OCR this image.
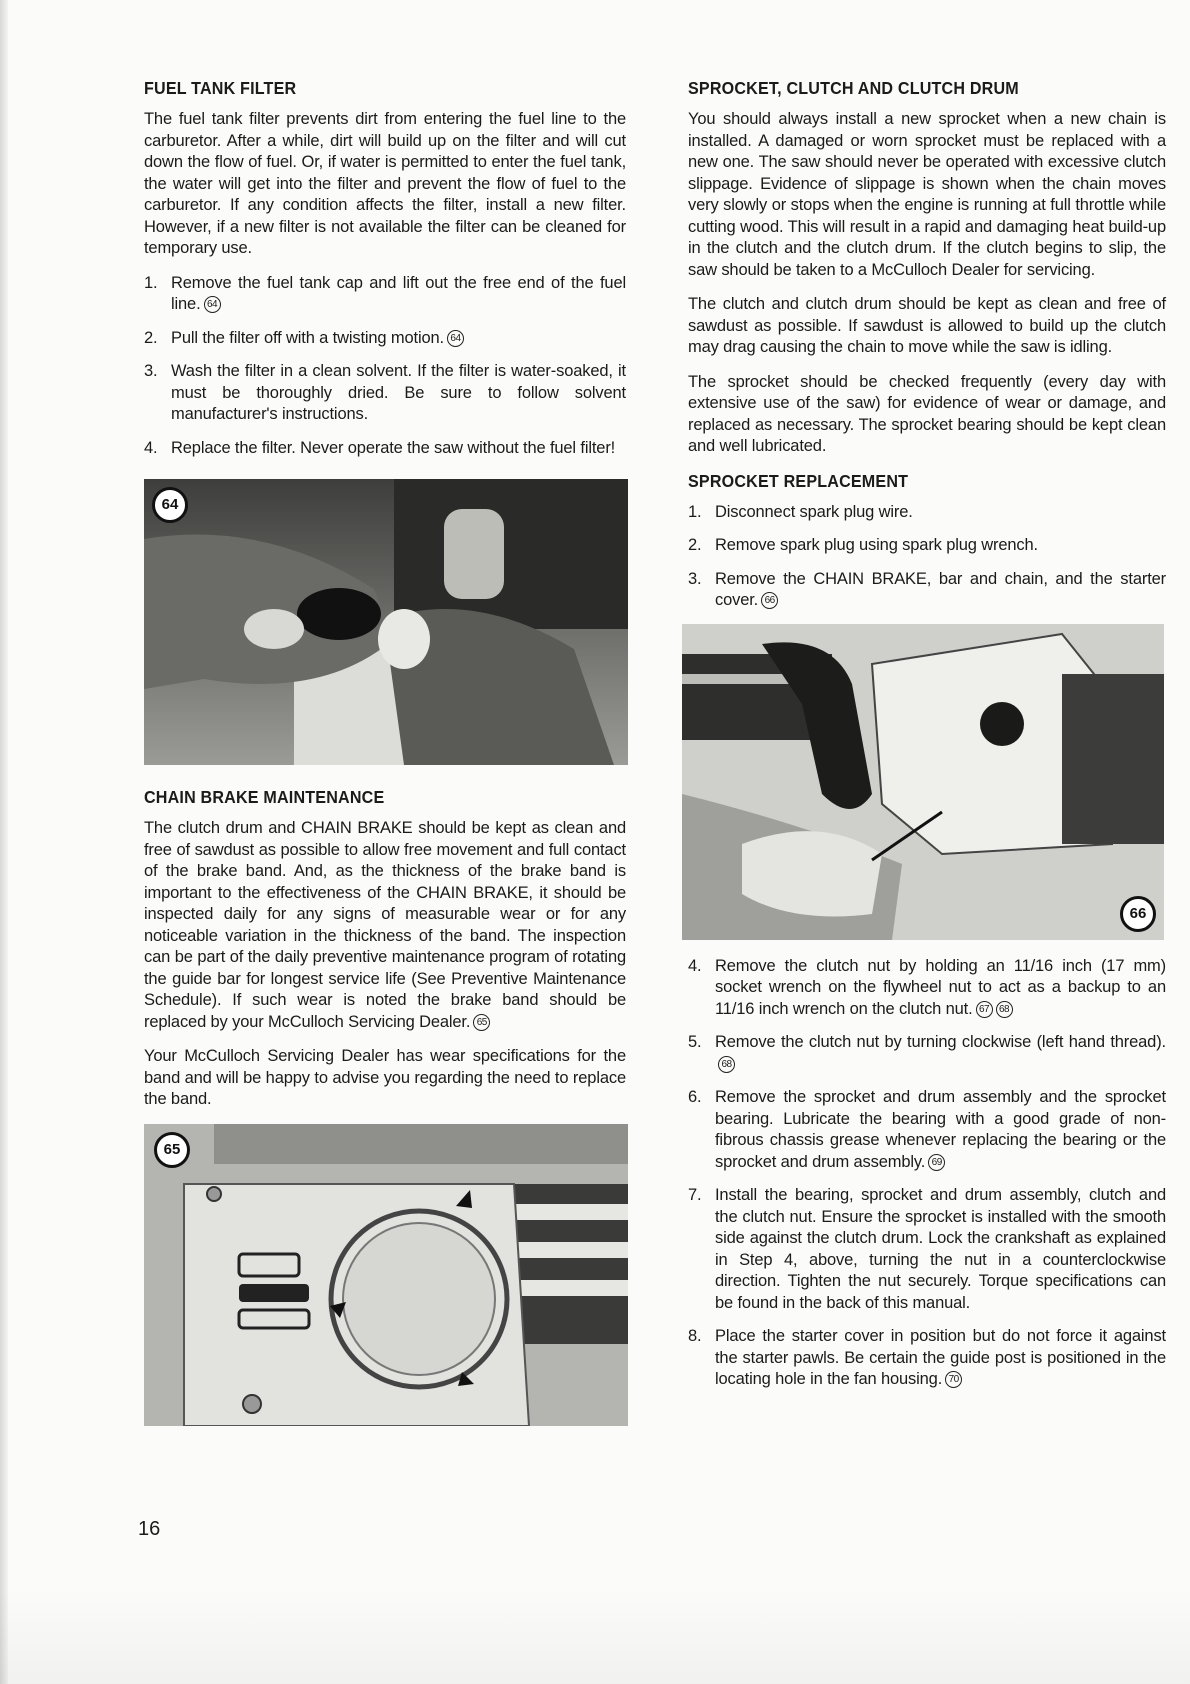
FUEL TANK FILTER

The fuel tank filter prevents dirt from entering the fuel line to the carburetor. After a while, dirt will build up on the filter and will cut down the flow of fuel. Or, if water is permitted to enter the fuel tank, the water will get into the filter and prevent the flow of fuel to the carburetor. If any condition affects the filter, install a new filter. However, if a new filter is not available the filter can be cleaned for temporary use.

1. Remove the fuel tank cap and lift out the free end of the fuel line. 64
2. Pull the filter off with a twisting motion. 64
3. Wash the filter in a clean solvent. If the filter is water-soaked, it must be thoroughly dried. Be sure to follow solvent manufacturer's instructions.
4. Replace the filter. Never operate the saw without the fuel filter!
64
CHAIN BRAKE MAINTENANCE

The clutch drum and CHAIN BRAKE should be kept as clean and free of sawdust as possible to allow free movement and full contact of the brake band. And, as the thickness of the brake band is important to the effectiveness of the CHAIN BRAKE, it should be inspected daily for any signs of measurable wear or for any noticeable variation in the thickness of the band. The inspection can be part of the daily preventive maintenance program of rotating the guide bar for longest service life (See Preventive Maintenance Schedule). If such wear is noted the brake band should be replaced by your McCulloch Servicing Dealer. 65

Your McCulloch Servicing Dealer has wear specifications for the band and will be happy to advise you regarding the need to replace the band.

65
SPROCKET, CLUTCH AND CLUTCH DRUM

You should always install a new sprocket when a new chain is installed. A damaged or worn sprocket must be replaced with a new one. The saw should never be operated with excessive clutch slippage. Evidence of slippage is shown when the chain moves very slowly or stops when the engine is running at full throttle while cutting wood. This will result in a rapid and damaging heat build-up in the clutch and the clutch drum. If the clutch begins to slip, the saw should be taken to a McCulloch Dealer for servicing.

The clutch and clutch drum should be kept as clean and free of sawdust as possible. If sawdust is allowed to build up the clutch may drag causing the chain to move while the saw is idling.

The sprocket should be checked frequently (every day with extensive use of the saw) for evidence of wear or damage, and replaced as necessary. The sprocket bearing should be kept clean and well lubricated.

SPROCKET REPLACEMENT
1. Disconnect spark plug wire.
2. Remove spark plug using spark plug wrench.
3. Remove the CHAIN BRAKE, bar and chain, and the starter cover. 66
66
4. Remove the clutch nut by holding an 11/16 inch (17 mm) socket wrench on the flywheel nut to act as a backup to an 11/16 inch wrench on the clutch nut. 67 68
5. Remove the clutch nut by turning clockwise (left hand thread).68
6. Remove the sprocket and drum assembly and the sprocket bearing. Lubricate the bearing with a good grade of non-fibrous chassis grease whenever replacing the bearing or the sprocket and drum assembly. 69
7. Install the bearing, sprocket and drum assembly, clutch and the clutch nut. Ensure the sprocket is installed with the smooth side against the clutch drum. Lock the crankshaft as explained in Step 4, above, turning the nut in a counterclockwise direction. Tighten the nut securely. Torque specifications can be found in the back of this manual.
8. Place the starter cover in position but do not force it against the starter pawls. Be certain the guide post is positioned in the locating hole in the fan housing. 70
16
